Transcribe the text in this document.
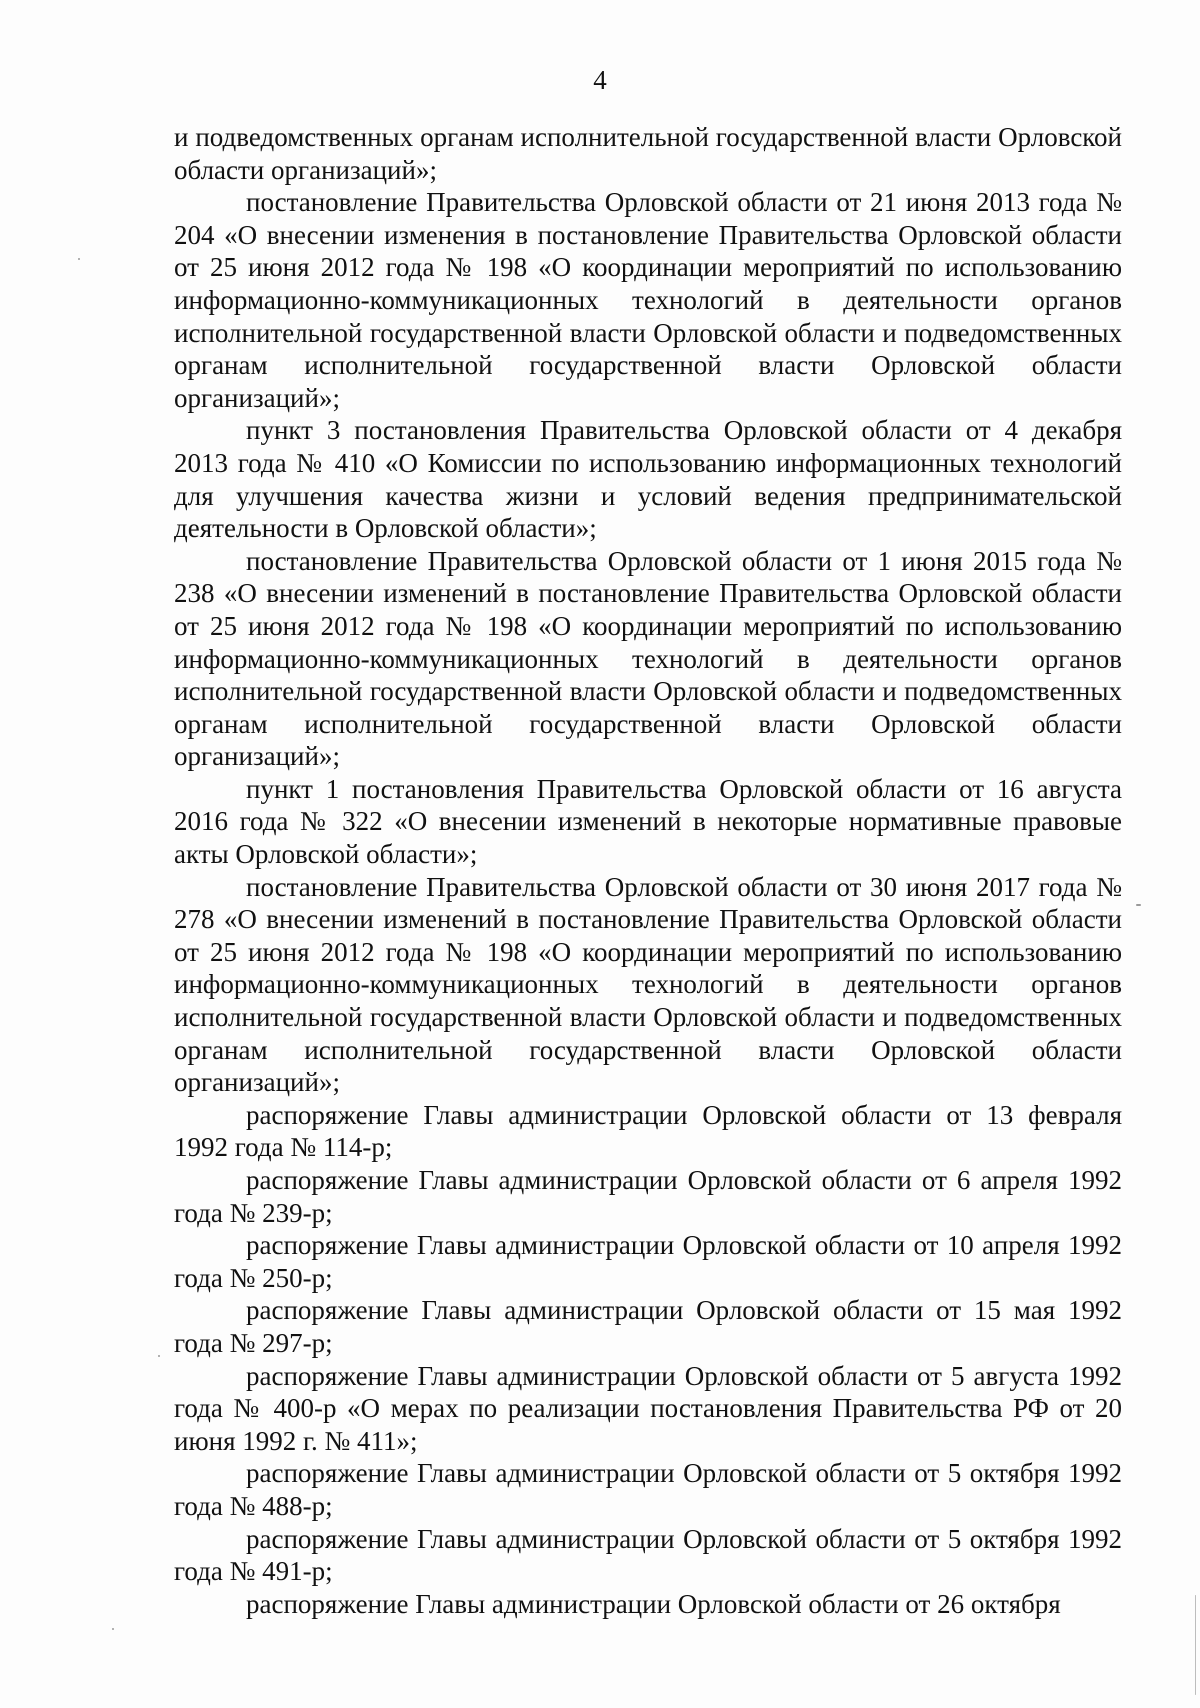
4

и подведомственных органам исполнительной государственной власти Орловской области организаций»;

постановление Правительства Орловской области от 21 июня 2013 года № 204 «О внесении изменения в постановление Правительства Орловской области от 25 июня 2012 года № 198 «О координации мероприятий по использованию информационно-коммуникационных технологий в деятельности органов исполнительной государственной власти Орловской области и подведомственных органам исполнительной государственной власти Орловской области организаций»;

пункт 3 постановления Правительства Орловской области от 4 декабря 2013 года № 410 «О Комиссии по использованию информационных технологий для улучшения качества жизни и условий ведения предпринимательской деятельности в Орловской области»;

постановление Правительства Орловской области от 1 июня 2015 года № 238 «О внесении изменений в постановление Правительства Орловской области от 25 июня 2012 года № 198 «О координации мероприятий по использованию информационно-коммуникационных технологий в деятельности органов исполнительной государственной власти Орловской области и подведомственных органам исполнительной государственной власти Орловской области организаций»;

пункт 1 постановления Правительства Орловской области от 16 августа 2016 года № 322 «О внесении изменений в некоторые нормативные правовые акты Орловской области»;

постановление Правительства Орловской области от 30 июня 2017 года № 278 «О внесении изменений в постановление Правительства Орловской области от 25 июня 2012 года № 198 «О координации мероприятий по использованию информационно-коммуникационных технологий в деятельности органов исполнительной государственной власти Орловской области и подведомственных органам исполнительной государственной власти Орловской области организаций»;

распоряжение Главы администрации Орловской области от 13 февраля 1992 года № 114-р;

распоряжение Главы администрации Орловской области от 6 апреля 1992 года № 239-р;

распоряжение Главы администрации Орловской области от 10 апреля 1992 года № 250-р;

распоряжение Главы администрации Орловской области от 15 мая 1992 года № 297-р;

распоряжение Главы администрации Орловской области от 5 августа 1992 года № 400-р «О мерах по реализации постановления Правительства РФ от 20 июня 1992 г. № 411»;

распоряжение Главы администрации Орловской области от 5 октября 1992 года № 488-р;

распоряжение Главы администрации Орловской области от 5 октября 1992 года № 491-р;

распоряжение Главы администрации Орловской области от 26 октября
